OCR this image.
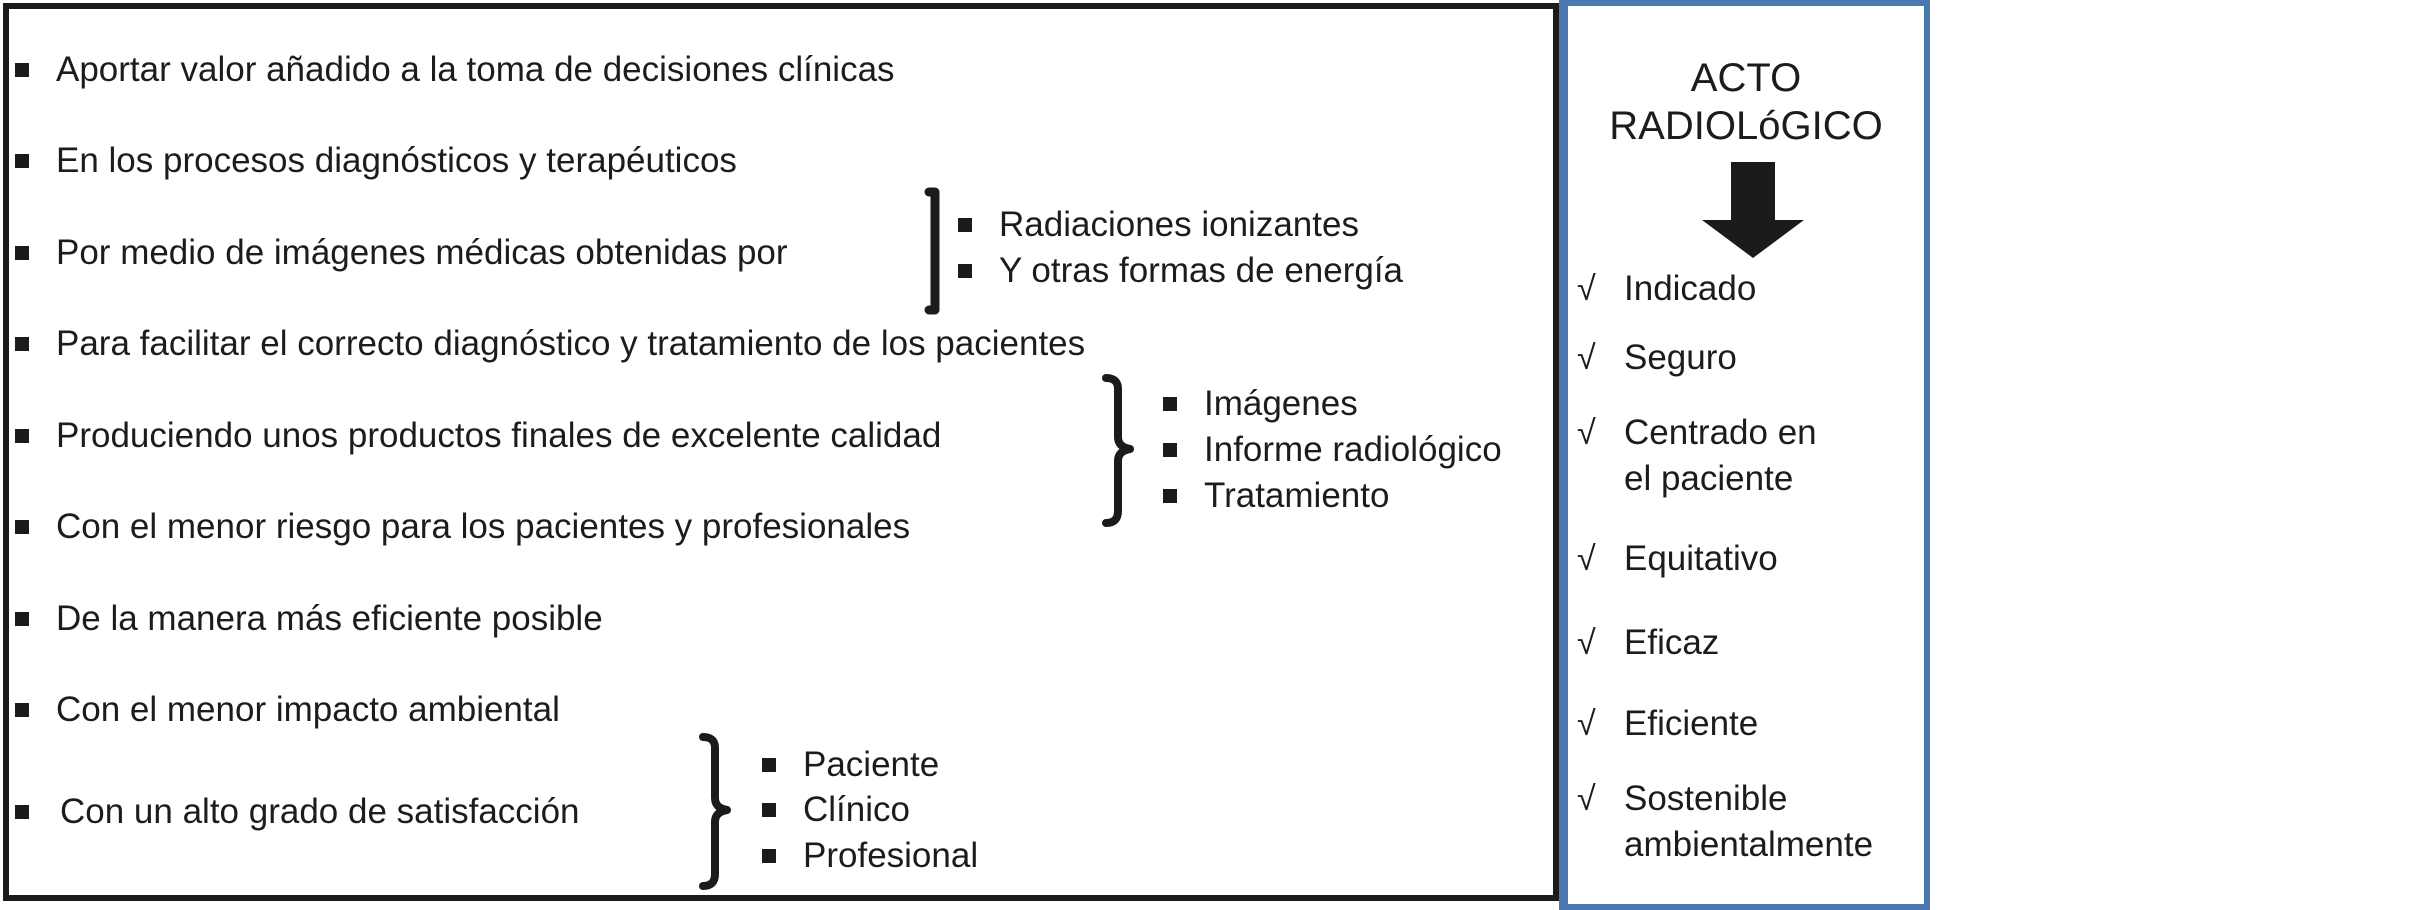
Aportar valor añadido a la toma de decisiones clínicas
En los procesos diagnósticos y terapéuticos
Por medio de imágenes médicas obtenidas por
Para facilitar el correcto diagnóstico y tratamiento de los pacientes
Produciendo unos productos finales de excelente calidad
Con el menor riesgo para los pacientes y profesionales
De la manera más eficiente posible
Con el menor impacto ambiental
Con un alto grado de satisfacción
Radiaciones ionizantes
Y otras formas de energía
Imágenes
Informe radiológico
Tratamiento
Paciente
Clínico
Profesional
ACTO
RADIOLóGICO
√ Indicado
√ Seguro
√ Centrado en
el paciente
√ Equitativo
√ Eficaz
√ Eficiente
√ Sostenible
ambientalmente
